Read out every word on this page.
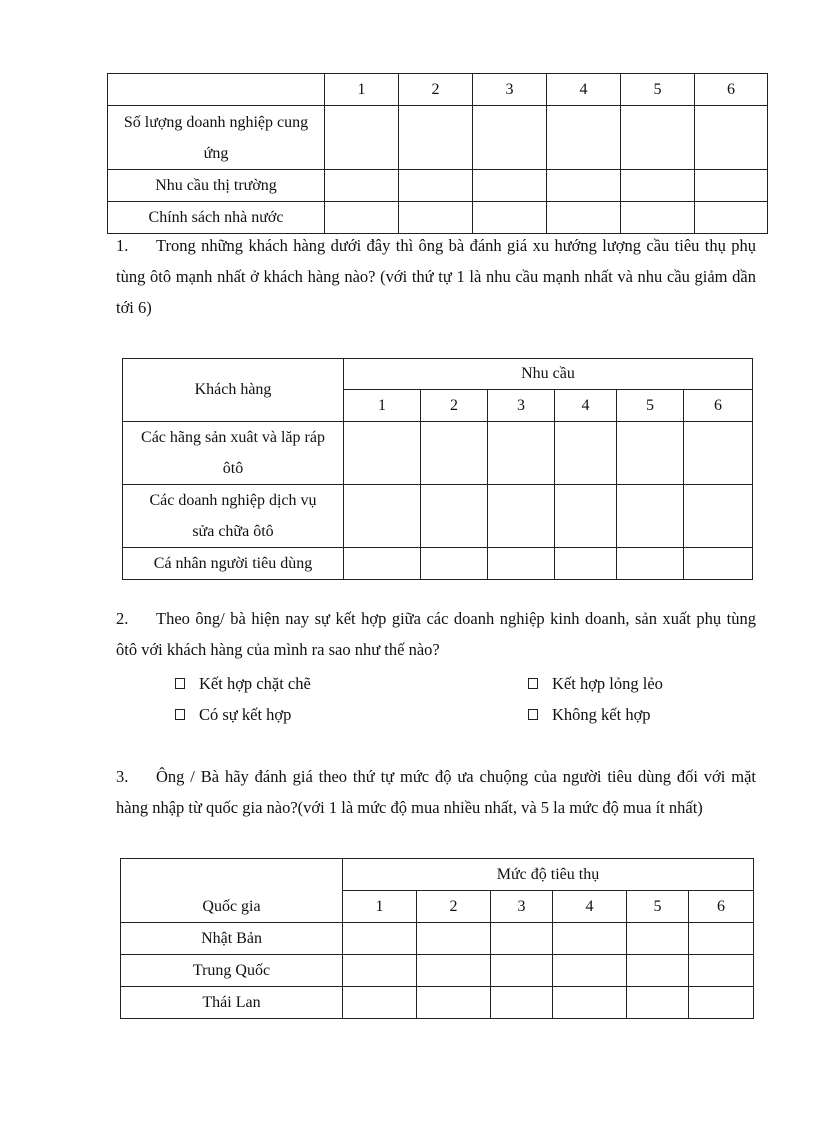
	1	2	3	4	5	6
Số lượng doanh nghiệp cung ứng						
Nhu cầu thị trường						
Chính sách nhà nước						

1. Trong những khách hàng dưới đây thì ông bà đánh giá xu hướng lượng cầu tiêu thụ phụ tùng ôtô mạnh nhất ở khách hàng nào? (với thứ tự 1 là nhu cầu mạnh nhất và nhu cầu giảm dần tới 6)

Khách hàng	Nhu cầu					
	1	2	3	4	5	6
Các hãng sản xuât và lăp ráp ôtô						
Các doanh nghiệp dịch vụ sửa chữa ôtô						
Cá nhân người tiêu dùng						

2. Theo ông/ bà hiện nay sự kết hợp giữa các doanh nghiệp kinh doanh, sản xuất phụ tùng ôtô với khách hàng của mình ra sao như thế nào?

Kết hợp chặt chẽ	Kết hợp lỏng lẻo
Có sự kết hợp	Không kết hợp

3. Ông / Bà hãy đánh giá theo thứ tự mức độ ưa chuộng của người tiêu dùng đối với mặt hàng nhập từ quốc gia nào?(với 1 là mức độ mua nhiều nhất, và 5 la mức độ mua ít nhất)

Quốc gia	Mức độ tiêu thụ					
	1	2	3	4	5	6
Nhật Bản						
Trung Quốc						
Thái Lan						
